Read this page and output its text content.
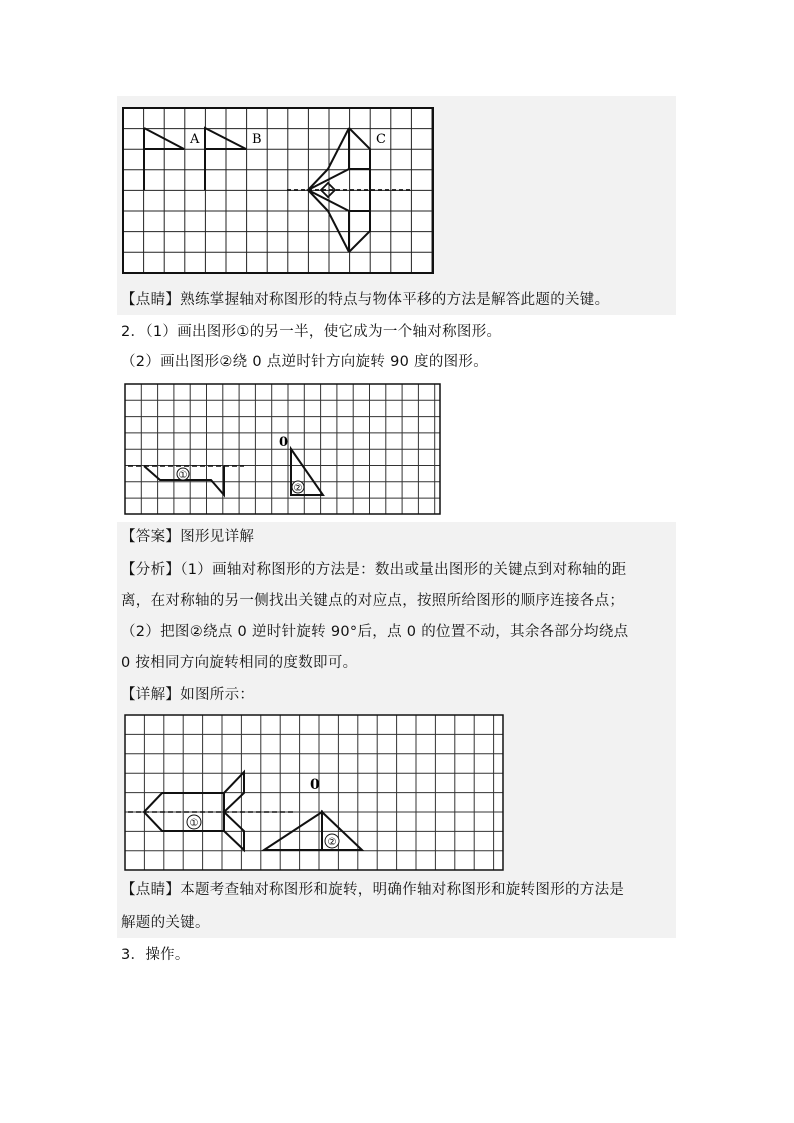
A	B	C
【点睛】熟练掌握轴对称图形的特点与物体平移的方法是解答此题的关键。
2．（1）画出图形①的另一半，使它成为一个轴对称图形。
（2）画出图形②绕 0 点逆时针方向旋转 90 度的图形。
①
②
0
【答案】图形见详解
【分析】（1）画轴对称图形的方法是：数出或量出图形的关键点到对称轴的距
离，在对称轴的另一侧找出关键点的对应点，按照所给图形的顺序连接各点；
（2）把图②绕点 0 逆时针旋转 90°后，点 0 的位置不动，其余各部分均绕点
0 按相同方向旋转相同的度数即可。
【详解】如图所示：
①
②
0
【点睛】本题考查轴对称图形和旋转，明确作轴对称图形和旋转图形的方法是
解题的关键。
3．操作。
